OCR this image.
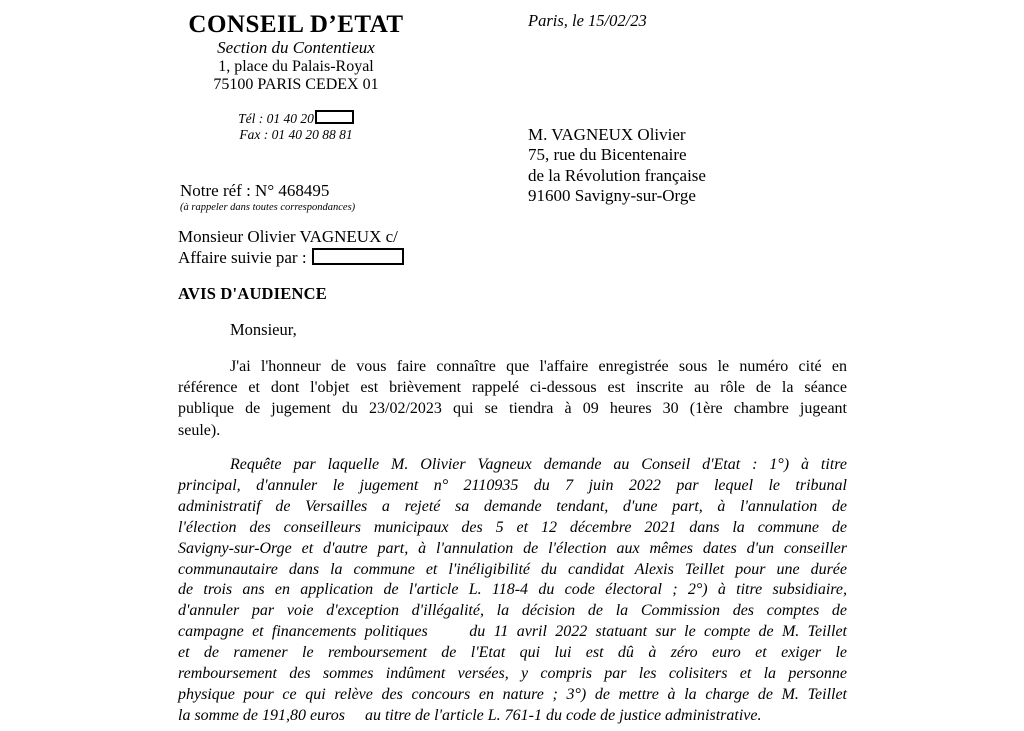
CONSEIL D’ETAT
Section du Contentieux
1, place du Palais-Royal
75100 PARIS CEDEX 01
Tél : 01 40 20
Fax : 01 40 20 88 81
Paris, le 15/02/23
M. VAGNEUX Olivier
75, rue du Bicentenaire
de la Révolution française
91600 Savigny-sur-Orge
Notre réf : N° 468495
(à rappeler dans toutes correspondances)
Monsieur Olivier VAGNEUX c/
Affaire suivie par :
AVIS D'AUDIENCE
Monsieur,
J'ai l'honneur de vous faire connaître que l'affaire enregistrée sous le numéro cité en
référence et dont l'objet est brièvement rappelé ci-dessous est inscrite au rôle de la séance
publique de jugement du 23/02/2023 qui se tiendra à 09 heures 30 (1ère chambre jugeant
seule).
Requête par laquelle M. Olivier Vagneux demande au Conseil d'Etat : 1°) à titre
principal, d'annuler le jugement n° 2110935 du 7 juin 2022 par lequel le tribunal
administratif de Versailles a rejeté sa demande tendant, d'une part, à l'annulation de
l'élection des conseilleurs municipaux des 5 et 12 décembre 2021 dans la commune de
Savigny-sur-Orge et d'autre part, à l'annulation de l'élection aux mêmes dates d'un conseiller
communautaire dans la commune et l'inéligibilité du candidat Alexis Teillet pour une durée
de trois ans en application de l'article L. 118-4 du code électoral ; 2°) à titre subsidiaire,
d'annuler par voie d'exception d'illégalité, la décision de la Commission des comptes de
campagne et financements politiques     du 11 avril 2022 statuant sur le compte de M. Teillet
et de ramener le remboursement de l'Etat qui lui est dû à zéro euro et exiger le
remboursement des sommes indûment versées, y compris par les colisiters et la personne
physique pour ce qui relève des concours en nature ; 3°) de mettre à la charge de M. Teillet
la somme de 191,80 euros     au titre de l'article L. 761-1 du code de justice administrative.
